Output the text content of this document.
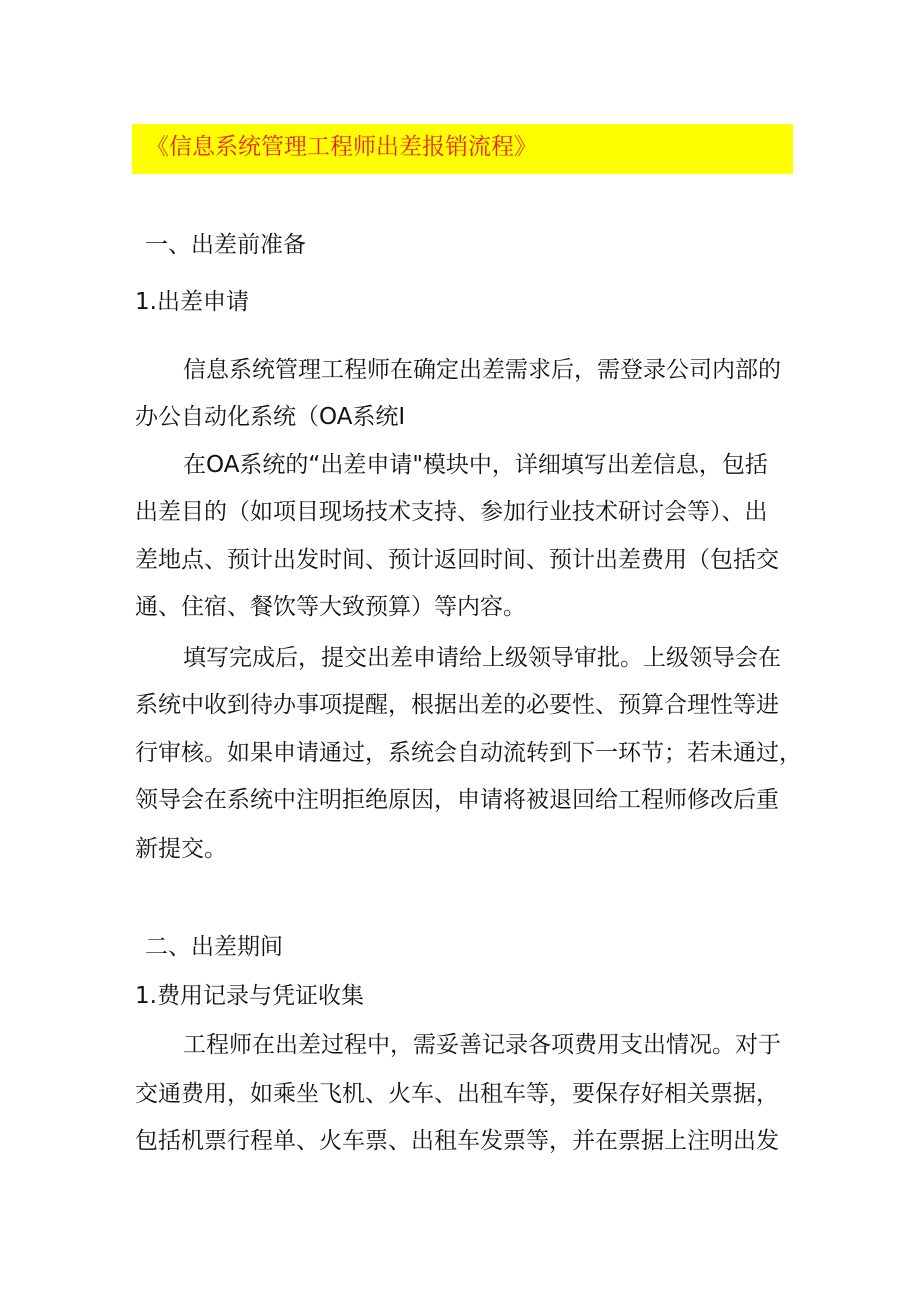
《信息系统管理工程师出差报销流程》
一、出差前准备
1.出差申请
信息系统管理工程师在确定出差需求后，需登录公司内部的
办公自动化系统（OA系统I
在OA系统的“出差申请"模块中，详细填写出差信息，包括
出差目的（如项目现场技术支持、参加行业技术研讨会等）、出
差地点、预计出发时间、预计返回时间、预计出差费用（包括交
通、住宿、餐饮等大致预算）等内容。
填写完成后，提交出差申请给上级领导审批。上级领导会在
系统中收到待办事项提醒，根据出差的必要性、预算合理性等进
行审核。如果申请通过，系统会自动流转到下一环节；若未通过，
领导会在系统中注明拒绝原因，申请将被退回给工程师修改后重
新提交。
二、出差期间
1.费用记录与凭证收集
工程师在出差过程中，需妥善记录各项费用支出情况。对于
交通费用，如乘坐飞机、火车、出租车等，要保存好相关票据，
包括机票行程单、火车票、出租车发票等，并在票据上注明出发
